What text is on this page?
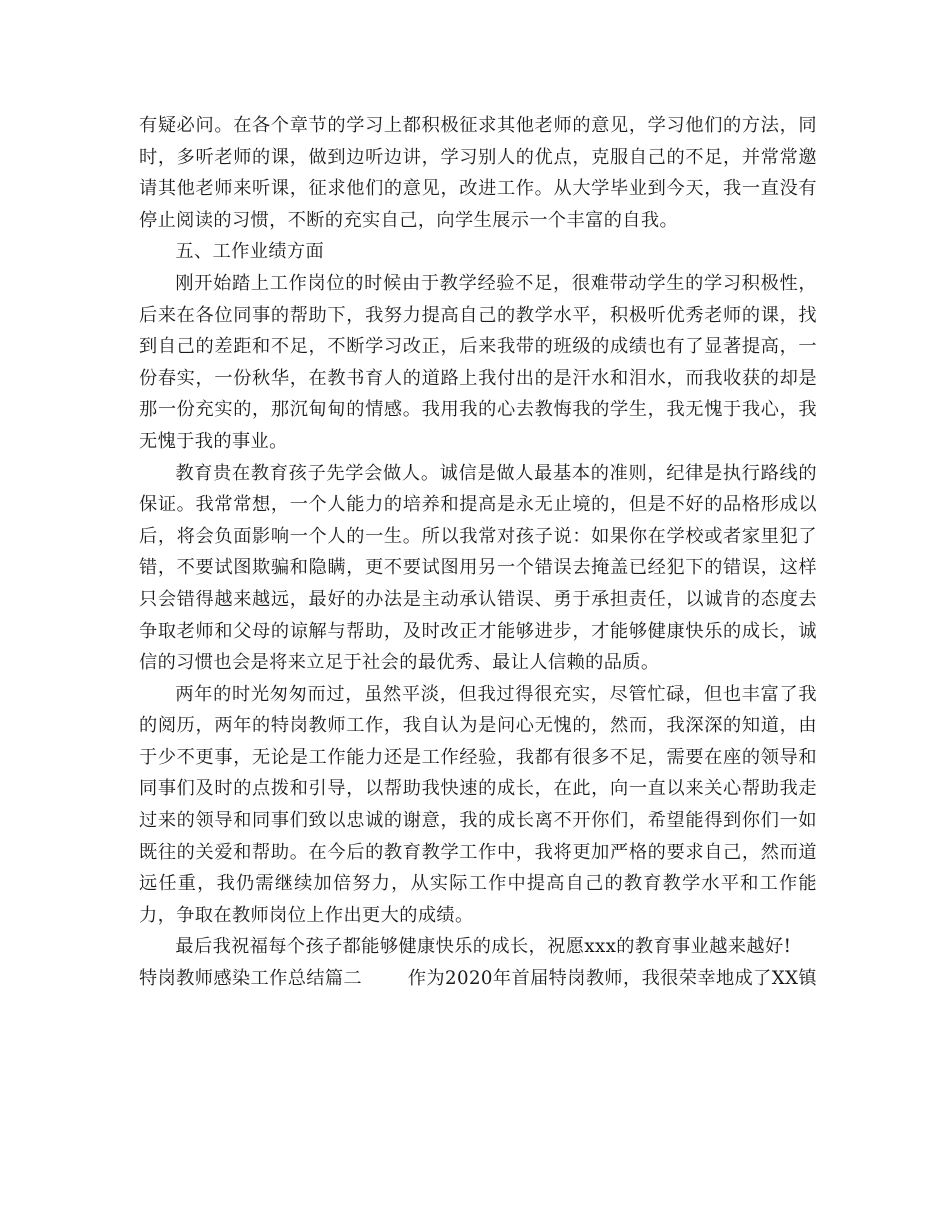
有疑必问。在各个章节的学习上都积极征求其他老师的意见，学习他们的方法，同时，多听老师的课，做到边听边讲，学习别人的优点，克服自己的不足，并常常邀请其他老师来听课，征求他们的意见，改进工作。从大学毕业到今天，我一直没有停止阅读的习惯，不断的充实自己，向学生展示一个丰富的自我。

五、工作业绩方面

刚开始踏上工作岗位的时候由于教学经验不足，很难带动学生的学习积极性，后来在各位同事的帮助下，我努力提高自己的教学水平，积极听优秀老师的课，找到自己的差距和不足，不断学习改正，后来我带的班级的成绩也有了显著提高，一份春实，一份秋华，在教书育人的道路上我付出的是汗水和泪水，而我收获的却是那一份充实的，那沉甸甸的情感。我用我的心去教悔我的学生，我无愧于我心，我无愧于我的事业。

教育贵在教育孩子先学会做人。诚信是做人最基本的准则，纪律是执行路线的保证。我常常想，一个人能力的培养和提高是永无止境的，但是不好的品格形成以后，将会负面影响一个人的一生。所以我常对孩子说：如果你在学校或者家里犯了错，不要试图欺骗和隐瞒，更不要试图用另一个错误去掩盖已经犯下的错误，这样只会错得越来越远，最好的办法是主动承认错误、勇于承担责任，以诚肯的态度去争取老师和父母的谅解与帮助，及时改正才能够进步，才能够健康快乐的成长，诚信的习惯也会是将来立足于社会的最优秀、最让人信赖的品质。

两年的时光匆匆而过，虽然平淡，但我过得很充实，尽管忙碌，但也丰富了我的阅历，两年的特岗教师工作，我自认为是问心无愧的，然而，我深深的知道，由于少不更事，无论是工作能力还是工作经验，我都有很多不足，需要在座的领导和同事们及时的点拨和引导，以帮助我快速的成长，在此，向一直以来关心帮助我走过来的领导和同事们致以忠诚的谢意，我的成长离不开你们，希望能得到你们一如既往的关爱和帮助。在今后的教育教学工作中，我将更加严格的要求自己，然而道远任重，我仍需继续加倍努力，从实际工作中提高自己的教育教学水平和工作能力，争取在教师岗位上作出更大的成绩。

最后我祝福每个孩子都能够健康快乐的成长，祝愿xxx的教育事业越来越好!

特岗教师感染工作总结篇二	作为2020年首届特岗教师，我很荣幸地成了XX镇
